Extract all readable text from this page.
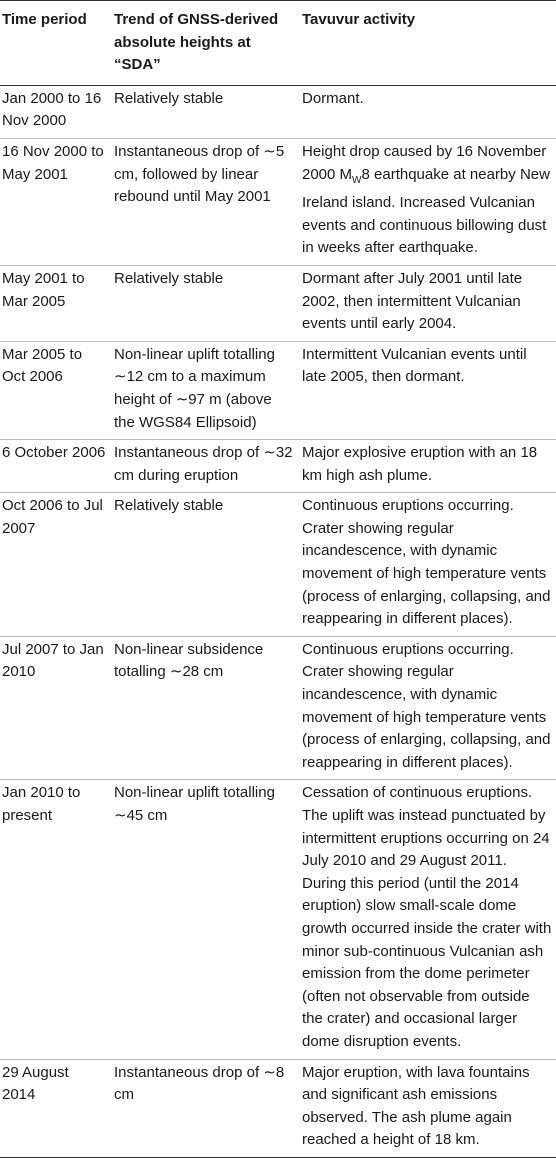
Time period	Trend of GNSS-derived absolute heights at “SDA”	Tavuvur activity
Jan 2000 to 16 Nov 2000	Relatively stable	Dormant.
16 Nov 2000 to May 2001	Instantaneous drop of ∼5 cm, followed by linear rebound until May 2001	Height drop caused by 16 November 2000 $M_W8$ earthquake at nearby New Ireland island. Increased Vulcanian events and continuous billowing dust in weeks after earthquake.
May 2001 to Mar 2005	Relatively stable	Dormant after July 2001 until late 2002, then intermittent Vulcanian events until early 2004.
Mar 2005 to Oct 2006	Non-linear uplift totalling ∼12 cm to a maximum height of ∼97 m (above the WGS84 Ellipsoid)	Intermittent Vulcanian events until late 2005, then dormant.
6 October 2006	Instantaneous drop of ∼32 cm during eruption	Major explosive eruption with an 18 km high ash plume.
Oct 2006 to Jul 2007	Relatively stable	Continuous eruptions occurring. Crater showing regular incandescence, with dynamic movement of high temperature vents (process of enlarging, collapsing, and reappearing in different places).
Jul 2007 to Jan 2010	Non-linear subsidence totalling ∼28 cm	Continuous eruptions occurring. Crater showing regular incandescence, with dynamic movement of high temperature vents (process of enlarging, collapsing, and reappearing in different places).
Jan 2010 to present	Non-linear uplift totalling ∼45 cm	Cessation of continuous eruptions. The uplift was instead punctuated by intermittent eruptions occurring on 24 July 2010 and 29 August 2011. During this period (until the 2014 eruption) slow small-scale dome growth occurred inside the crater with minor sub-continuous Vulcanian ash emission from the dome perimeter (often not observable from outside the crater) and occasional larger dome disruption events.
29 August 2014	Instantaneous drop of ∼8 cm	Major eruption, with lava fountains and significant ash emissions observed. The ash plume again reached a height of 18 km.
